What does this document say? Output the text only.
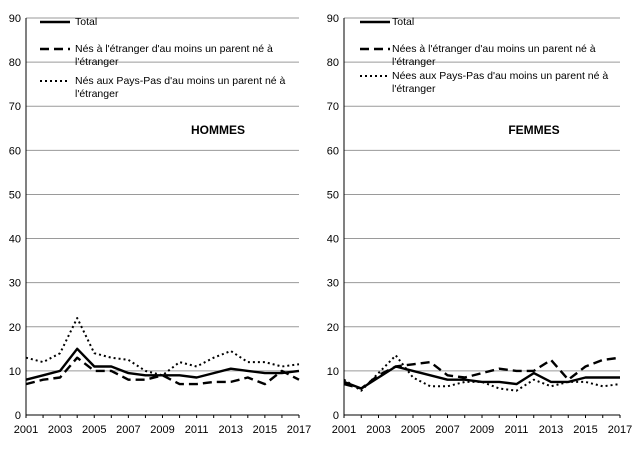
0
10
20
30
40
50
60
70
80
90
2001 2003 2005 2007 2009 2011 2013 2015 2017
HOMMES
Total
Nés à l'étranger d'au moins un parent né à l'étranger
Nés aux Pays-Pas d'au moins un parent né à l'étranger
0
10
20
30
40
50
60
70
80
90
2001 2003 2005 2007 2009 2011 2013 2015 2017
FEMMES
Total
Nées à l'étranger d'au moins un parent né à l'étranger
Nées aux Pays-Pas d'au moins un parent né à l'étranger
